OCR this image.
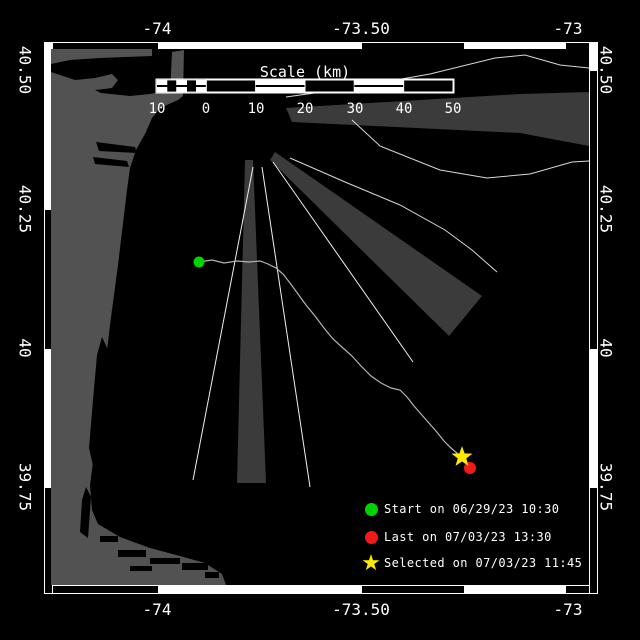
Scale (km)
10	0	10 20 30 40 50
Start on 06/29/23 10:30
Last on 07/03/23 13:30
★ Selected on 07/03/23 11:45
-74	-73.50	-73
-74	-73.50	-73
40.50
40.25
40
39.75
40.50
40.25
40
39.75
